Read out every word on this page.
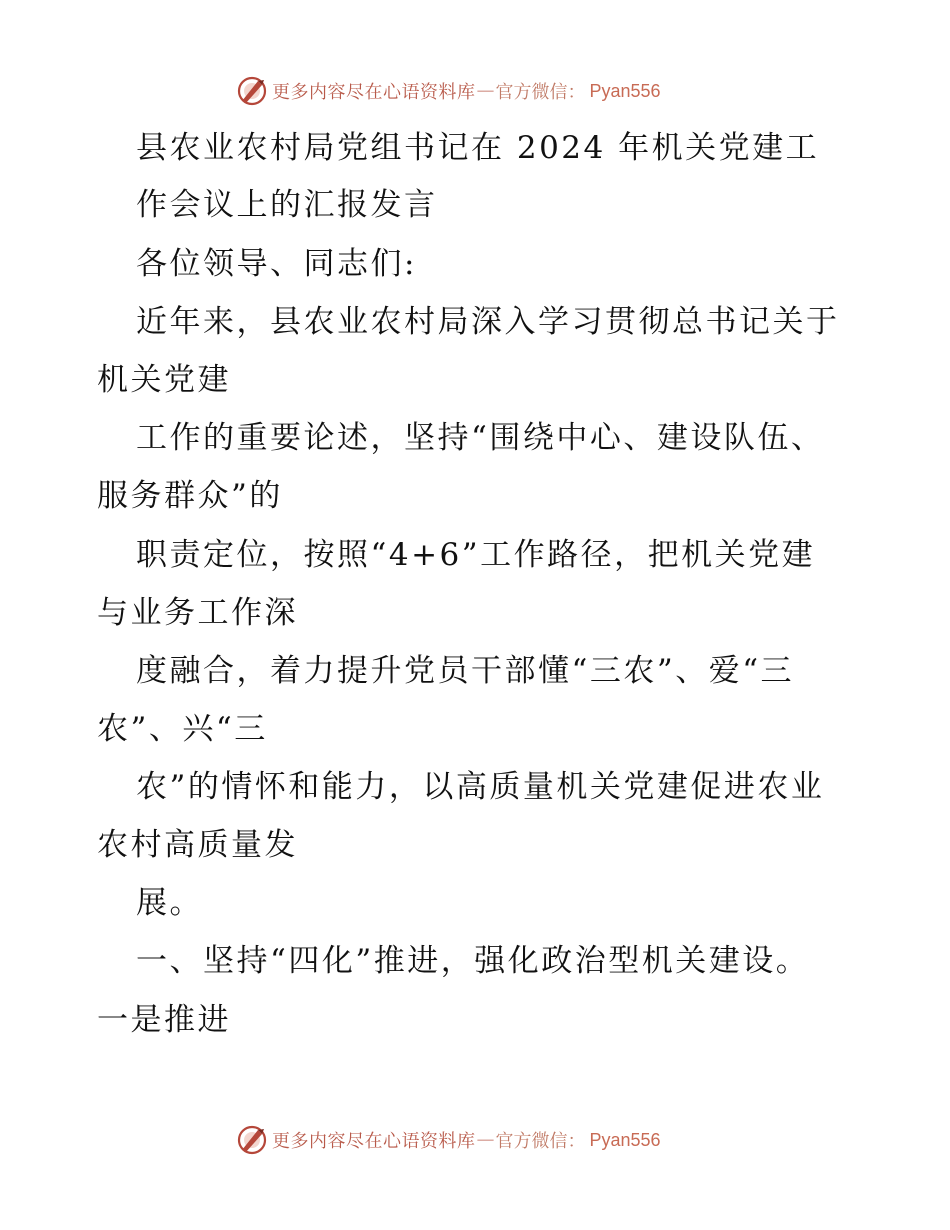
更多内容尽在心语资料库 — 官方微信： Pyan556
县农业农村局党组书记在 2024 年机关党建工
作会议上的汇报发言
各位领导、同志们:
近年来，县农业农村局深入学习贯彻总书记关于
机关党建
工作的重要论述，坚持“围绕中心、建设队伍、
服务群众”的
职责定位，按照“4+6”工作路径，把机关党建
与业务工作深
度融合，着力提升党员干部懂“三农”、爱“三
农”、兴“三
农”的情怀和能力，以高质量机关党建促进农业
农村高质量发
展。
一、坚持“四化”推进，强化政治型机关建设。
一是推进
更多内容尽在心语资料库 — 官方微信： Pyan556
